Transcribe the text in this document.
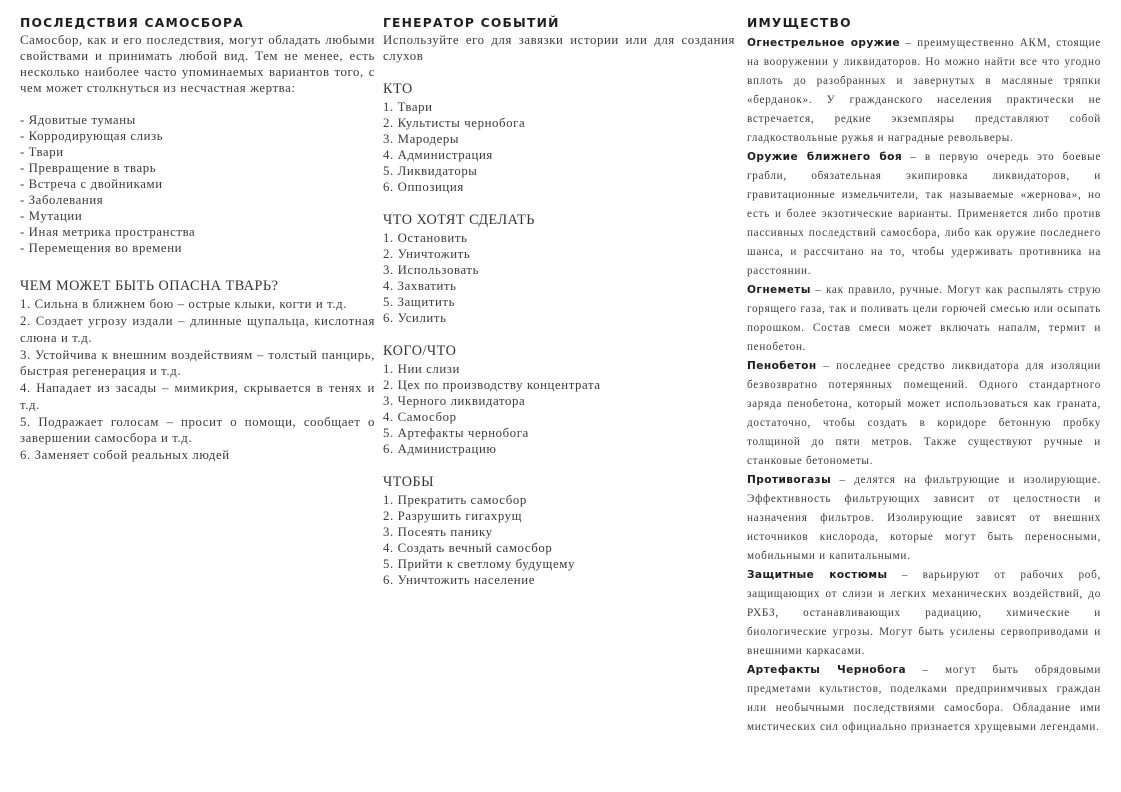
ПОСЛЕДСТВИЯ САМОСБОРА
Самосбор, как и его последствия, могут обладать любыми свойствами и принимать любой вид. Тем не менее, есть несколько наиболее часто упоминаемых вариантов того, с чем может столкнуться из несчастная жертва:
- Ядовитые туманы
- Корродирующая слизь
- Твари
- Превращение в тварь
- Встреча с двойниками
- Заболевания
- Мутации
- Иная метрика пространства
- Перемещения во времени

ЧЕМ МОЖЕТ БЫТЬ ОПАСНА ТВАРЬ?

1. Сильна в ближнем бою – острые клыки, когти и т.д.
2. Создает угрозу издали – длинные щупальца, кислотная слюна и т.д.
3. Устойчива к внешним воздействиям – толстый панцирь, быстрая регенерация и т.д.
4. Нападает из засады – мимикрия, скрывается в тенях и т.д.
5. Подражает голосам – просит о помощи, сообщает о завершении самосбора и т.д.
6. Заменяет собой реальных людей
ГЕНЕРАТОР СОБЫТИЙ
Используйте его для завязки истории или для создания слухов

КТО

1. Твари
2. Культисты чернобога
3. Мародеры
4. Администрация
5. Ликвидаторы
6. Оппозиция

ЧТО ХОТЯТ СДЕЛАТЬ

1. Остановить
2. Уничтожить
3. Использовать
4. Захватить
5. Защитить
6. Усилить

КОГО/ЧТО

1. Нии слизи
2. Цех по производству концентрата
3. Черного ликвидатора
4. Самосбор
5. Артефакты чернобога
6. Администрацию

ЧТОБЫ

1. Прекратить самосбор
2. Разрушить гигахрущ
3. Посеять панику
4. Создать вечный самосбор
5. Прийти к светлому будущему
6. Уничтожить население
ИМУЩЕСТВО

Огнестрельное оружие – преимущественно АКМ, стоящие на вооружении у ликвидаторов. Но можно найти все что угодно вплоть до разобранных и завернутых в масляные тряпки «берданок». У гражданского населения практически не встречается, редкие экземпляры представляют собой гладкоствольные ружья и наградные револьверы.

Оружие ближнего боя – в первую очередь это боевые грабли, обязательная экипировка ликвидаторов, и гравитационные измельчители, так называемые «жернова», но есть и более экзотические варианты. Применяется либо против пассивных последствий самосбора, либо как оружие последнего шанса, и рассчитано на то, чтобы удерживать противника на расстоянии.

Огнеметы – как правило, ручные. Могут как распылять струю горящего газа, так и поливать цели горючей смесью или осыпать порошком. Состав смеси может включать напалм, термит и пенобетон.

Пенобетон – последнее средство ликвидатора для изоляции безвозвратно потерянных помещений. Одного стандартного заряда пенобетона, который может использоваться как граната, достаточно, чтобы создать в коридоре бетонную пробку толщиной до пяти метров. Также существуют ручные и станковые бетонометы.

Противогазы – делятся на фильтрующие и изолирующие. Эффективность фильтрующих зависит от целостности и назначения фильтров. Изолирующие зависят от внешних источников кислорода, которые могут быть переносными, мобильными и капитальными.

Защитные костюмы – варьируют от рабочих роб, защищающих от слизи и легких механических воздействий, до РХБЗ, останавливающих радиацию, химические и биологические угрозы. Могут быть усилены сервоприводами и внешними каркасами.

Артефакты Чернобога – могут быть обрядовыми предметами культистов, поделками предприимчивых граждан или необычными последствиями самосбора. Обладание ими мистических сил официально признается хрущевыми легендами.
